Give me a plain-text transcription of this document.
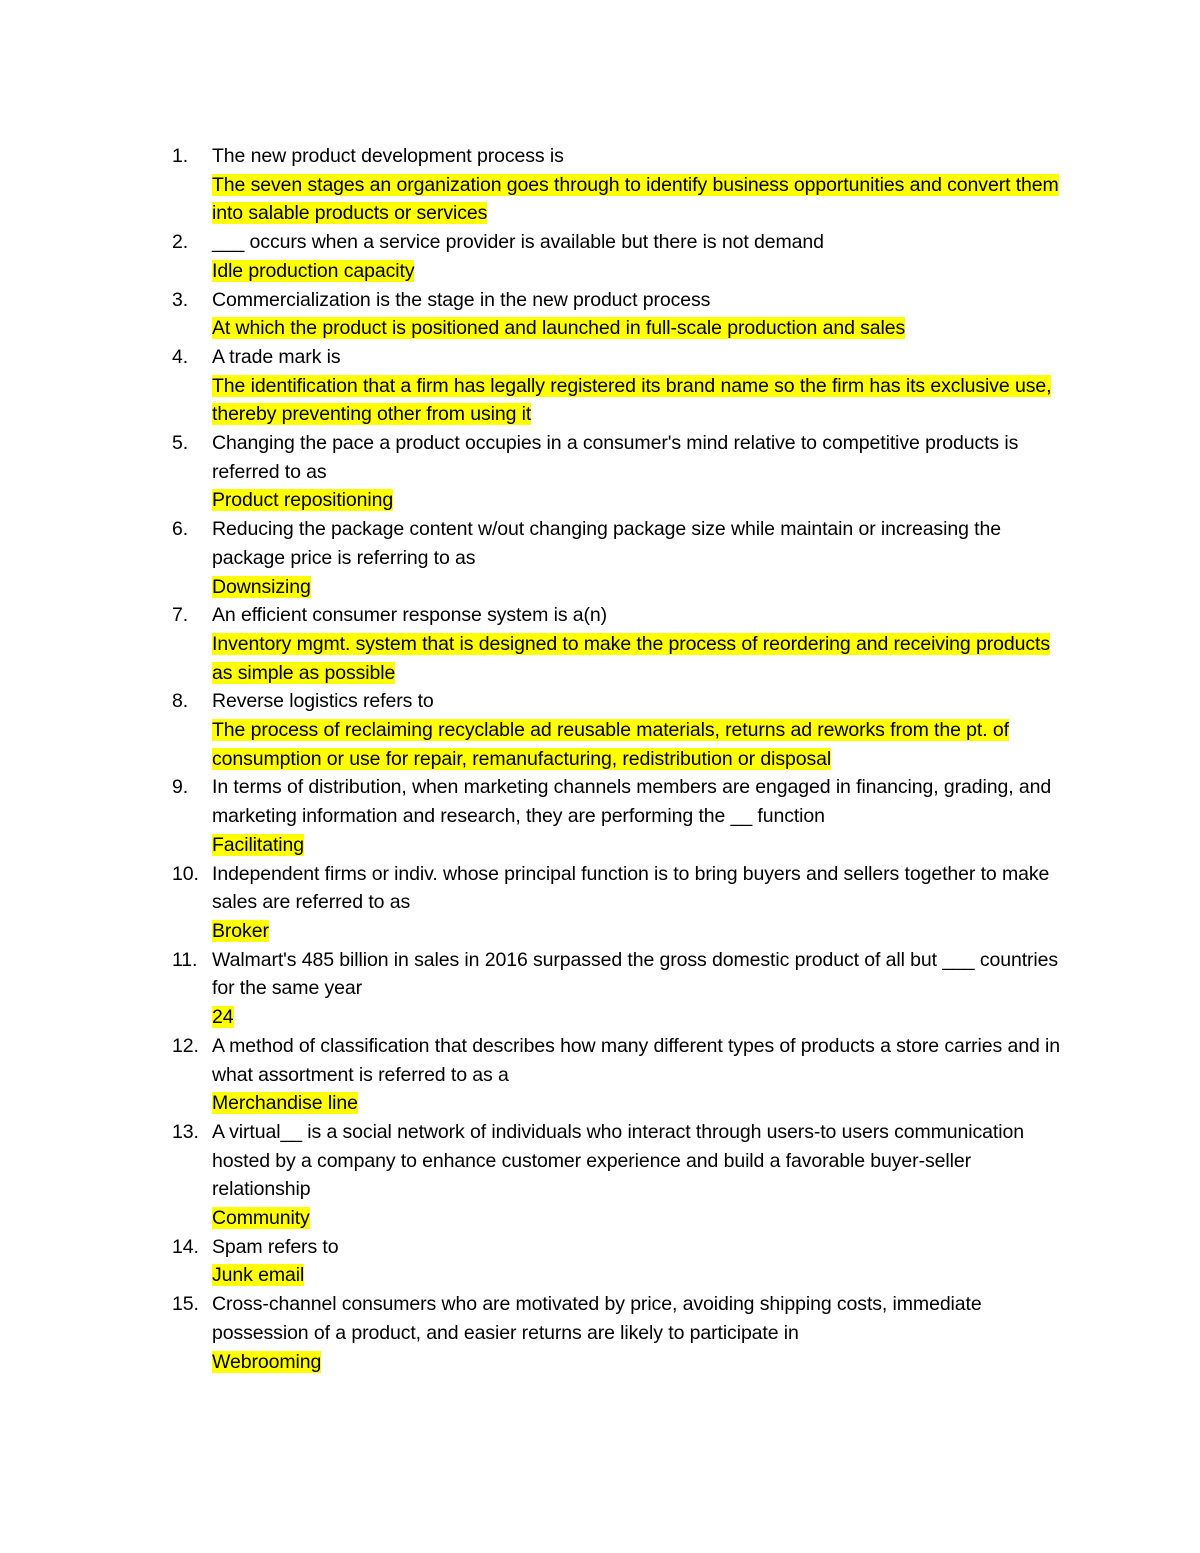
1.	The new product development process is
The seven stages an organization goes through to identify business opportunities and convert them into salable products or services
2.	___ occurs when a service provider is available but there is not demand
Idle production capacity
3.	Commercialization is the stage in the new product process
At which the product is positioned and launched in full-scale production and sales
4.	A trade mark is
The identification that a firm has legally registered its brand name so the firm has its exclusive use, thereby preventing other from using it
5.	Changing the pace a product occupies in a consumer's mind relative to competitive products is referred to as
Product repositioning
6.	Reducing the package content w/out changing package size while maintain or increasing the package price is referring to as
Downsizing
7.	An efficient consumer response system is a(n)
Inventory mgmt. system that is designed to make the process of reordering and receiving products as simple as possible
8.	Reverse logistics refers to
The process of reclaiming recyclable ad reusable materials, returns ad reworks from the pt. of consumption or use for repair, remanufacturing, redistribution or disposal
9.	In terms of distribution, when marketing channels members are engaged in financing, grading, and marketing information and research, they are performing the __ function
Facilitating
10. Independent firms or indiv. whose principal function is to bring buyers and sellers together to make sales are referred to as
Broker
11. Walmart's 485 billion in sales in 2016 surpassed the gross domestic product of all but ___ countries for the same year
24
12. A method of classification that describes how many different types of products a store carries and in what assortment is referred to as a
Merchandise line
13. A virtual__ is a social network of individuals who interact through users-to users communication hosted by a company to enhance customer experience and build a favorable buyer-seller relationship
Community
14. Spam refers to
Junk email
15. Cross-channel consumers who are motivated by price, avoiding shipping costs, immediate possession of a product, and easier returns are likely to participate in
Webrooming
